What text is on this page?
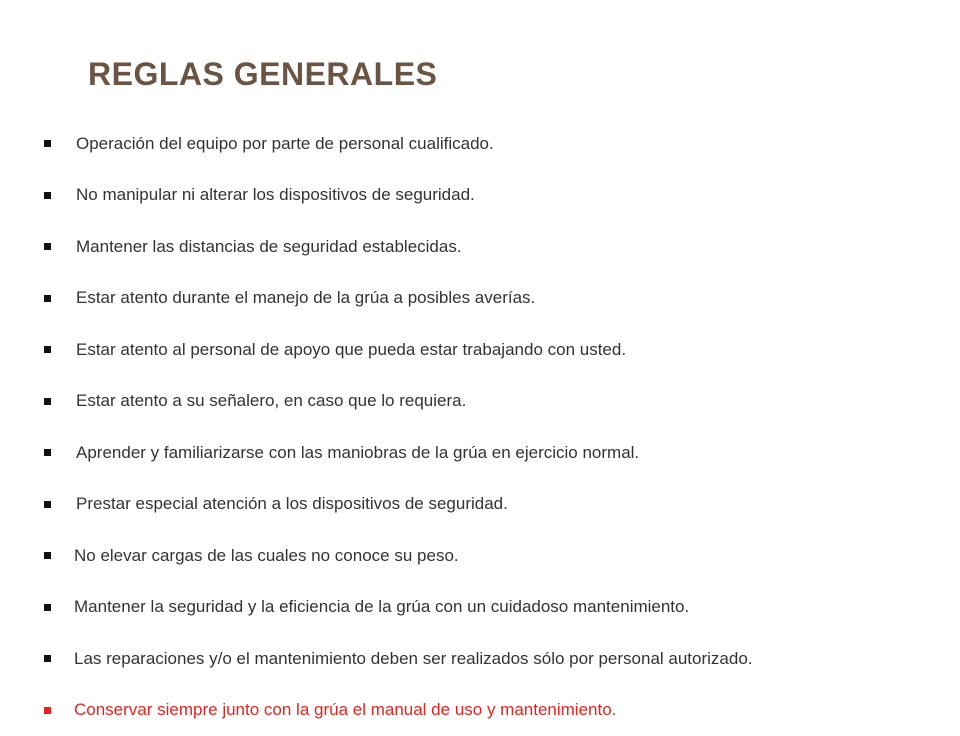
REGLAS GENERALES
Operación del equipo por parte de personal cualificado.
No manipular ni alterar los dispositivos de seguridad.
Mantener las distancias de seguridad establecidas.
Estar atento durante el manejo de la grúa a posibles averías.
Estar atento al personal de apoyo que pueda estar trabajando con usted.
Estar atento a su señalero, en caso que lo requiera.
Aprender y familiarizarse con las maniobras de la grúa en ejercicio normal.
Prestar especial atención a los dispositivos de seguridad.
No elevar cargas de las cuales no conoce su peso.
Mantener la seguridad y la eficiencia de la grúa con un cuidadoso mantenimiento.
Las reparaciones y/o el mantenimiento deben ser realizados sólo por personal autorizado.
Conservar siempre junto con la grúa el manual de uso y mantenimiento.
